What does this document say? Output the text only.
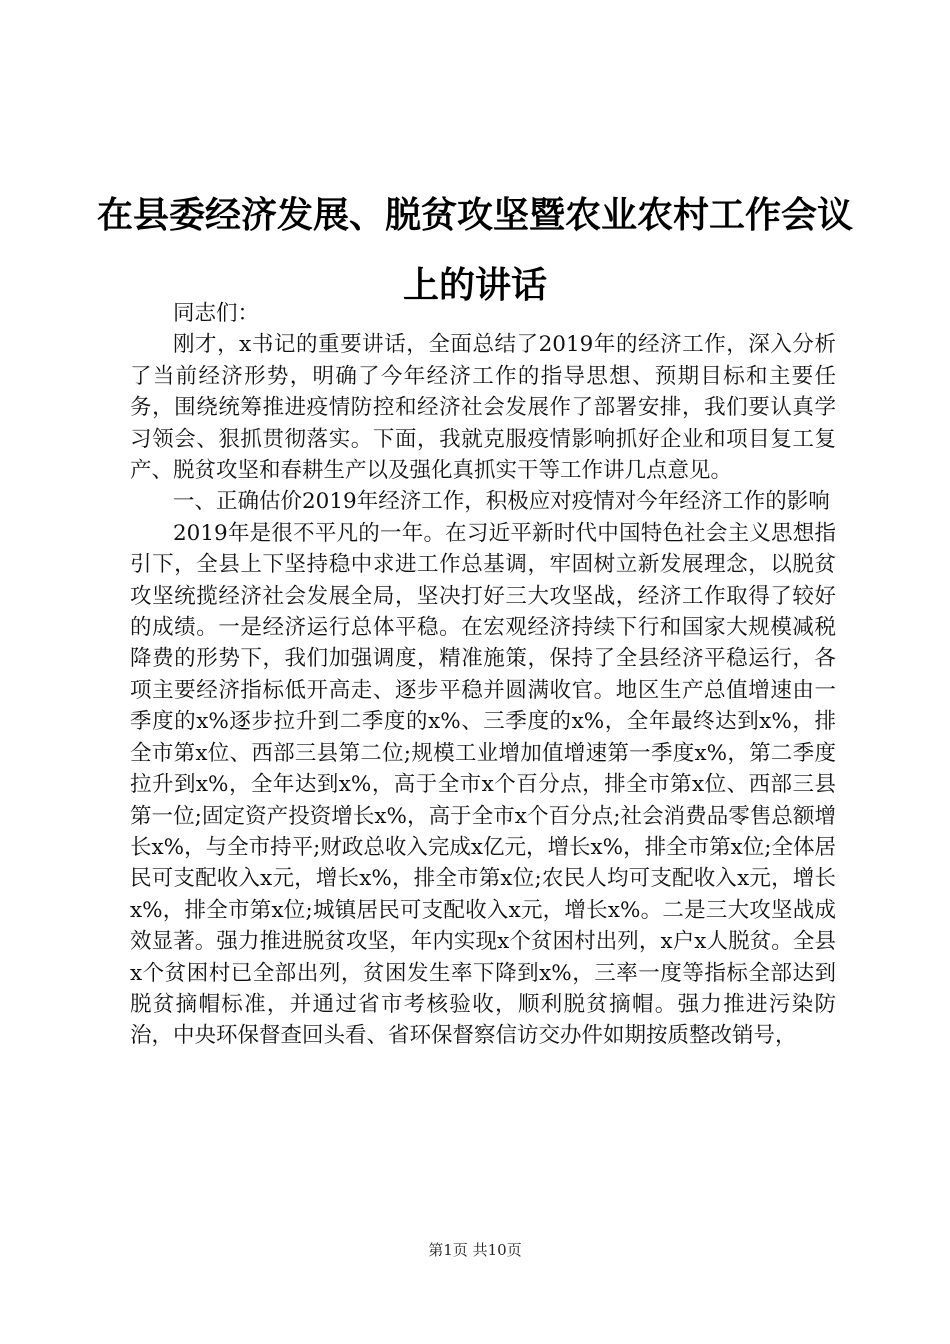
在县委经济发展、脱贫攻坚暨农业农村工作会议上的讲话

同志们：

刚才，x书记的重要讲话，全面总结了2019年的经济工作，深入分析了当前经济形势，明确了今年经济工作的指导思想、预期目标和主要任务，围绕统筹推进疫情防控和经济社会发展作了部署安排，我们要认真学习领会、狠抓贯彻落实。下面，我就克服疫情影响抓好企业和项目复工复产、脱贫攻坚和春耕生产以及强化真抓实干等工作讲几点意见。

一、正确估价2019年经济工作，积极应对疫情对今年经济工作的影响

2019年是很不平凡的一年。在习近平新时代中国特色社会主义思想指引下，全县上下坚持稳中求进工作总基调，牢固树立新发展理念，以脱贫攻坚统揽经济社会发展全局，坚决打好三大攻坚战，经济工作取得了较好的成绩。一是经济运行总体平稳。在宏观经济持续下行和国家大规模减税降费的形势下，我们加强调度，精准施策，保持了全县经济平稳运行，各项主要经济指标低开高走、逐步平稳并圆满收官。地区生产总值增速由一季度的x%逐步拉升到二季度的x%、三季度的x%，全年最终达到x%，排全市第x位、西部三县第二位;规模工业增加值增速第一季度x%，第二季度拉升到x%，全年达到x%，高于全市x个百分点，排全市第x位、西部三县第一位;固定资产投资增长x%，高于全市x个百分点;社会消费品零售总额增长x%，与全市持平;财政总收入完成x亿元，增长x%，排全市第x位;全体居民可支配收入x元，增长x%，排全市第x位;农民人均可支配收入x元，增长x%，排全市第x位;城镇居民可支配收入x元，增长x%。二是三大攻坚战成效显著。强力推进脱贫攻坚，年内实现x个贫困村出列，x户x人脱贫。全县x个贫困村已全部出列，贫困发生率下降到x%，三率一度等指标全部达到脱贫摘帽标准，并通过省市考核验收，顺利脱贫摘帽。强力推进污染防治，中央环保督查回头看、省环保督察信访交办件如期按质整改销号，

第1页 共10页
